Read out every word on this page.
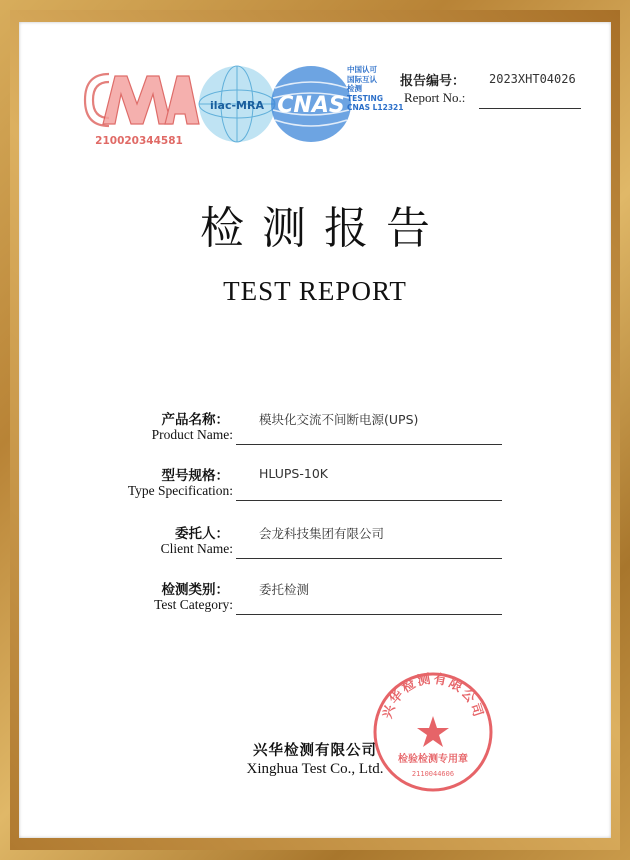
210020344581
ilac-MRA CNAS
中国认可
国际互认
检测
TESTING
CNAS L12321
报告编号： 2023XHT04026
Report No.:
检测报告
TEST REPORT
产品名称：
Product Name:
模块化交流不间断电源(UPS)
型号规格：
Type Specification:
HLUPS-10K
委托人：
Client Name:
会龙科技集团有限公司
检测类别：
Test Category:
委托检测
兴华检测有限公司
Xinghua Test Co., Ltd.
兴华检测有限公司
检验检测专用章
2110044606
